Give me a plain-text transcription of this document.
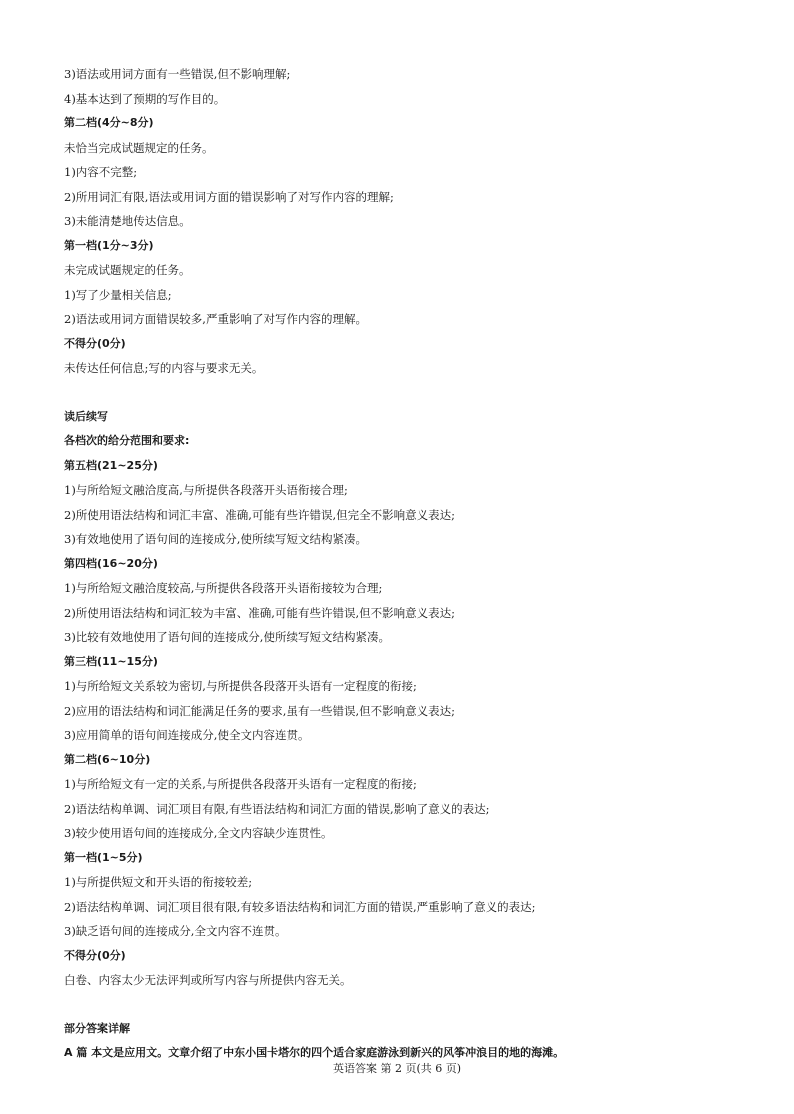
3)语法或用词方面有一些错误,但不影响理解;
4)基本达到了预期的写作目的。
第二档(4分~8分)
未恰当完成试题规定的任务。
1)内容不完整;
2)所用词汇有限,语法或用词方面的错误影响了对写作内容的理解;
3)未能清楚地传达信息。
第一档(1分~3分)
未完成试题规定的任务。
1)写了少量相关信息;
2)语法或用词方面错误较多,严重影响了对写作内容的理解。
不得分(0分)
未传达任何信息;写的内容与要求无关。
读后续写
各档次的给分范围和要求:
第五档(21~25分)
1)与所给短文融洽度高,与所提供各段落开头语衔接合理;
2)所使用语法结构和词汇丰富、准确,可能有些许错误,但完全不影响意义表达;
3)有效地使用了语句间的连接成分,使所续写短文结构紧凑。
第四档(16~20分)
1)与所给短文融洽度较高,与所提供各段落开头语衔接较为合理;
2)所使用语法结构和词汇较为丰富、准确,可能有些许错误,但不影响意义表达;
3)比较有效地使用了语句间的连接成分,使所续写短文结构紧凑。
第三档(11~15分)
1)与所给短文关系较为密切,与所提供各段落开头语有一定程度的衔接;
2)应用的语法结构和词汇能满足任务的要求,虽有一些错误,但不影响意义表达;
3)应用简单的语句间连接成分,使全文内容连贯。
第二档(6~10分)
1)与所给短文有一定的关系,与所提供各段落开头语有一定程度的衔接;
2)语法结构单调、词汇项目有限,有些语法结构和词汇方面的错误,影响了意义的表达;
3)较少使用语句间的连接成分,全文内容缺少连贯性。
第一档(1~5分)
1)与所提供短文和开头语的衔接较差;
2)语法结构单调、词汇项目很有限,有较多语法结构和词汇方面的错误,严重影响了意义的表达;
3)缺乏语句间的连接成分,全文内容不连贯。
不得分(0分)
白卷、内容太少无法评判或所写内容与所提供内容无关。
部分答案详解
A 篇 本文是应用文。文章介绍了中东小国卡塔尔的四个适合家庭游泳到新兴的风筝冲浪目的地的海滩。
英语答案 第 2 页(共 6 页)
